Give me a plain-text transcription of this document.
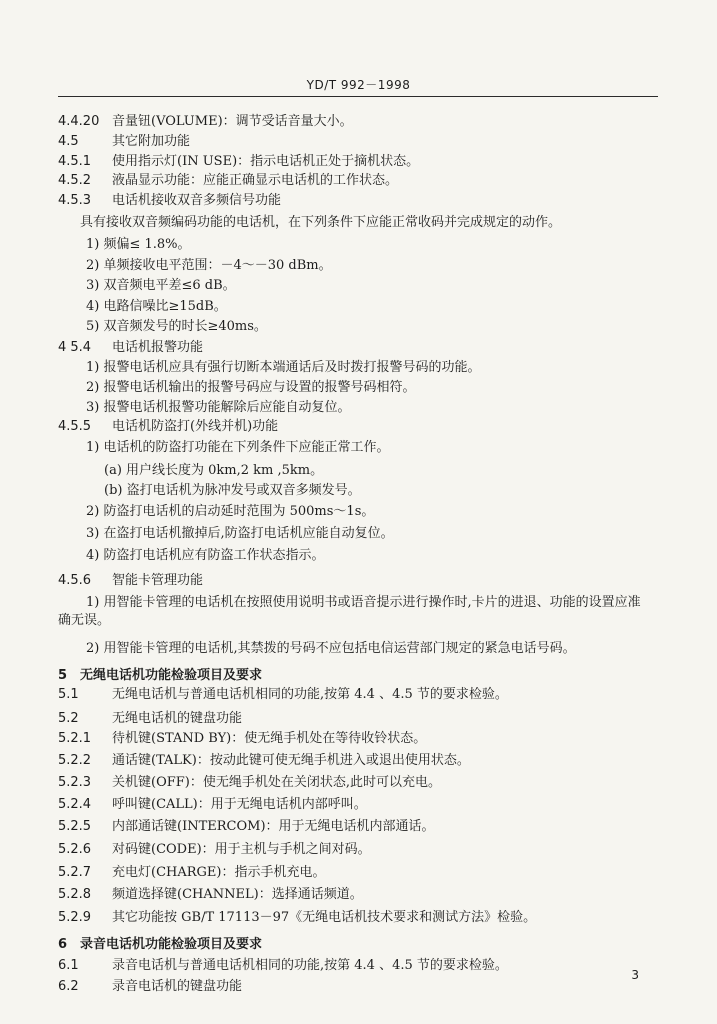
YD/T 992－1998
4.4.20 音量钮(VOLUME)：调节受话音量大小。
4.5	其它附加功能
4.5.1 使用指示灯(IN USE)：指示电话机正处于摘机状态。
4.5.2 液晶显示功能：应能正确显示电话机的工作状态。
4.5.3 电话机接收双音多频信号功能
具有接收双音频编码功能的电话机，在下列条件下应能正常收码并完成规定的动作。
1) 频偏≤ 1.8%。
2) 单频接收电平范围：－4～－30 dBm。
3) 双音频电平差≤6 dB。
4) 电路信噪比≥15dB。
5) 双音频发号的时长≥40ms。
4 5.4 电话机报警功能
1) 报警电话机应具有强行切断本端通话后及时拨打报警号码的功能。
2) 报警电话机输出的报警号码应与设置的报警号码相符。
3) 报警电话机报警功能解除后应能自动复位。
4.5.5 电话机防盗打(外线并机)功能
1) 电话机的防盗打功能在下列条件下应能正常工作。
(a) 用户线长度为 0km,2 km ,5km。
(b) 盗打电话机为脉冲发号或双音多频发号。
2) 防盗打电话机的启动延时范围为 500ms～1s。
3) 在盗打电话机撤掉后,防盗打电话机应能自动复位。
4) 防盗打电话机应有防盗工作状态指示。
4.5.6 智能卡管理功能
1) 用智能卡管理的电话机在按照使用说明书或语音提示进行操作时,卡片的进退、功能的设置应准
确无误。
2) 用智能卡管理的电话机,其禁拨的号码不应包括电信运营部门规定的紧急电话号码。
5 无绳电话机功能检验项目及要求
5.1	无绳电话机与普通电话机相同的功能,按第 4.4 、4.5 节的要求检验。
5.2	无绳电话机的键盘功能
5.2.1 待机键(STAND BY)：使无绳手机处在等待收铃状态。
5.2.2 通话键(TALK)：按动此键可使无绳手机进入或退出使用状态。
5.2.3 关机键(OFF)：使无绳手机处在关闭状态,此时可以充电。
5.2.4 呼叫键(CALL)：用于无绳电话机内部呼叫。
5.2.5 内部通话键(INTERCOM)：用于无绳电话机内部通话。
5.2.6 对码键(CODE)：用于主机与手机之间对码。
5.2.7 充电灯(CHARGE)：指示手机充电。
5.2.8 频道选择键(CHANNEL)：选择通话频道。
5.2.9 其它功能按 GB/T 17113－97《无绳电话机技术要求和测试方法》检验。
6 录音电话机功能检验项目及要求
6.1	录音电话机与普通电话机相同的功能,按第 4.4 、4.5 节的要求检验。
6.2	录音电话机的键盘功能
3
